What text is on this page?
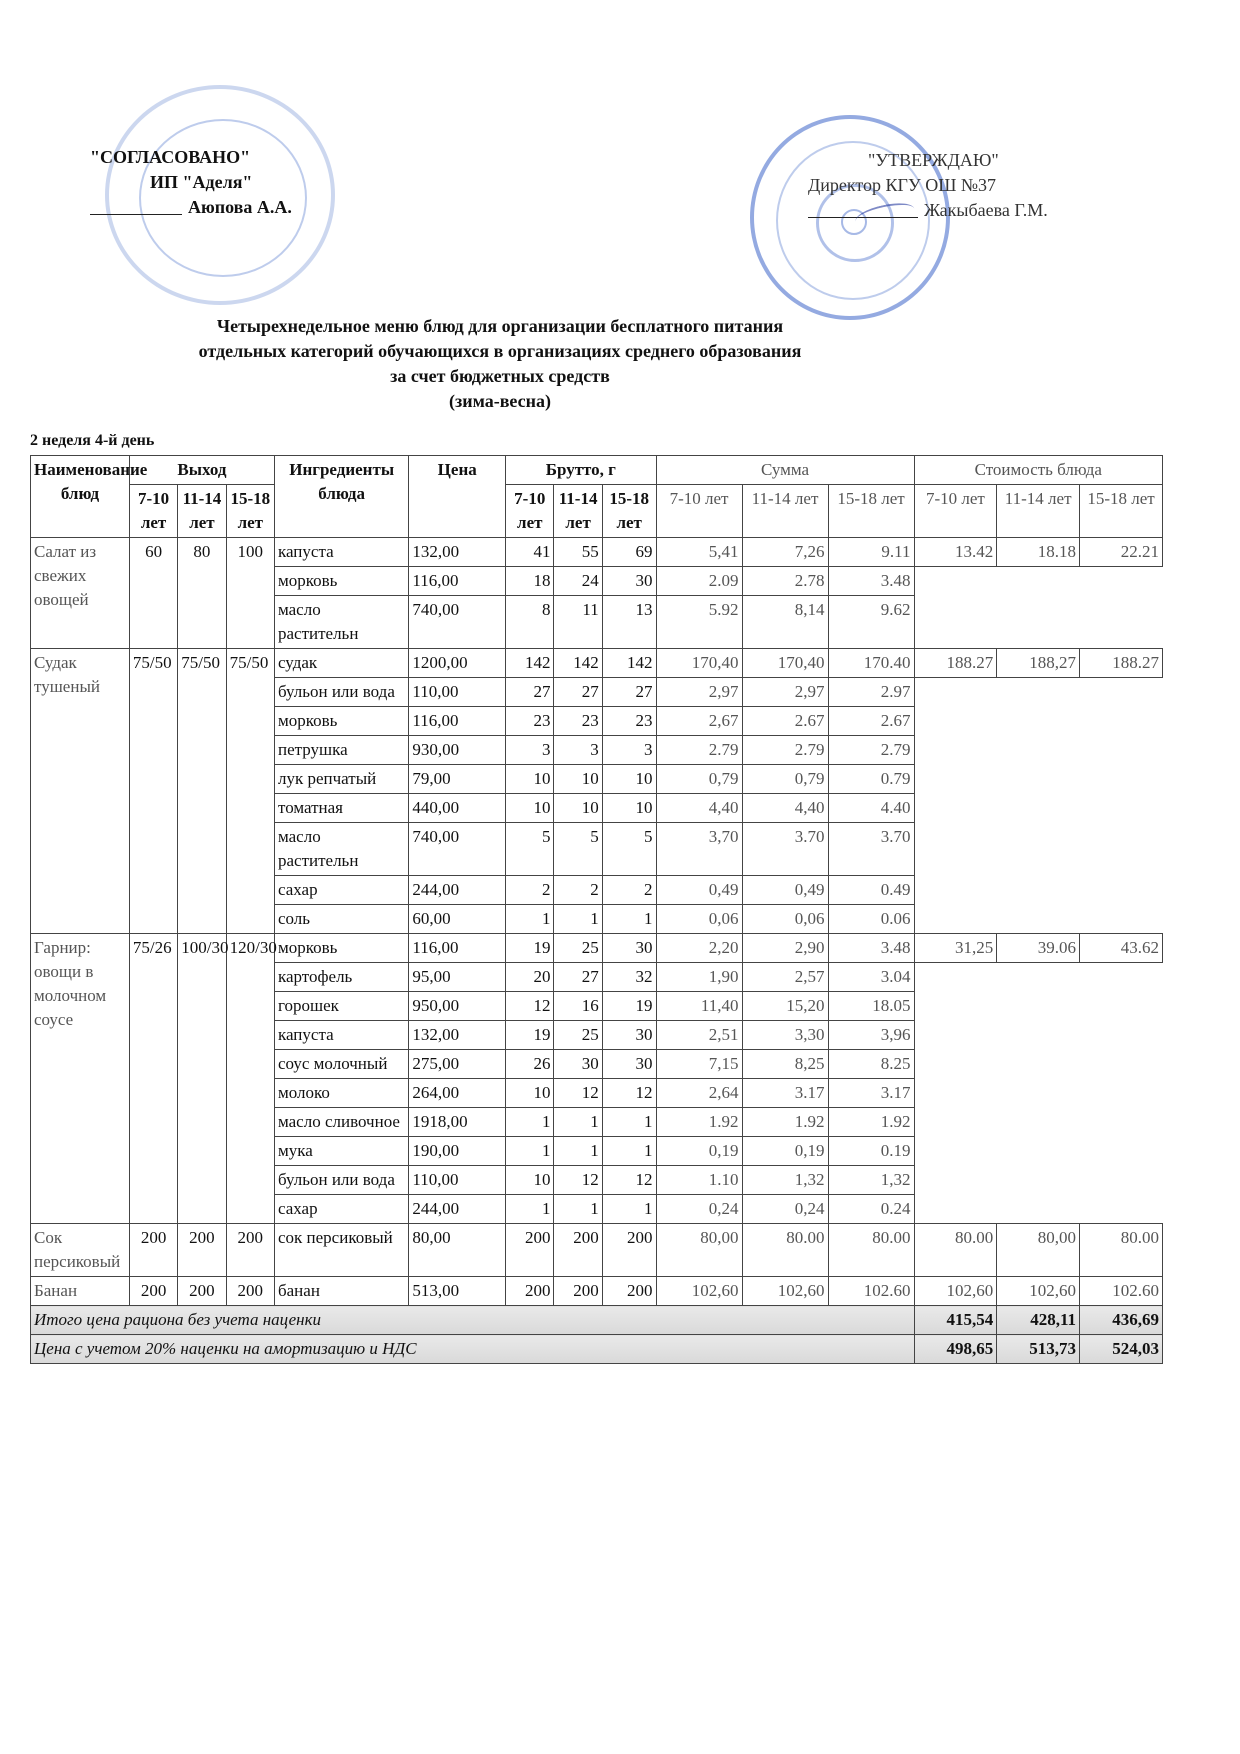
"СОГЛАСОВАНО"
ИП "Аделя"
Аюпова А.А.
"УТВЕРЖДАЮ"
Директор КГУ ОШ №37
Жакыбаева Г.М.
Четырехнедельное меню блюд для организации бесплатного питания
отдельных категорий обучающихся в организациях среднего образования
за счет бюджетных средств
(зима-весна)
2 неделя 4-й день
Наименование блюд	Выход			Ингредиенты блюда	Цена	Брутто, г			Сумма			Стоимость блюда		
	7-10 лет	11-14 лет	15-18 лет			7-10 лет	11-14 лет	15-18 лет	7-10 лет	11-14 лет	15-18 лет	7-10 лет	11-14 лет	15-18 лет
Салат из свежих овощей	60	80	100	капуста	132,00	41	55	69	5,41	7,26	9.11	13.42	18.18	22.21
				морковь	116,00	18	24	30	2.09	2.78	3.48			
				масло растительн	740,00	8	11	13	5.92	8,14	9.62			
Судак тушеный	75/50	75/50	75/50	судак	1200,00	142	142	142	170,40	170,40	170.40	188.27	188,27	188.27
				бульон или вода	110,00	27	27	27	2,97	2,97	2.97			
				морковь	116,00	23	23	23	2,67	2.67	2.67			
				петрушка	930,00	3	3	3	2.79	2.79	2.79			
				лук репчатый	79,00	10	10	10	0,79	0,79	0.79			
				томатная	440,00	10	10	10	4,40	4,40	4.40			
				масло растительн	740,00	5	5	5	3,70	3.70	3.70			
				сахар	244,00	2	2	2	0,49	0,49	0.49			
				соль	60,00	1	1	1	0,06	0,06	0.06			
Гарнир: овощи в молочном соусе	75/26	100/30	120/30	морковь	116,00	19	25	30	2,20	2,90	3.48	31,25	39.06	43.62
				картофель	95,00	20	27	32	1,90	2,57	3.04			
				горошек	950,00	12	16	19	11,40	15,20	18.05			
				капуста	132,00	19	25	30	2,51	3,30	3,96			
				соус молочный	275,00	26	30	30	7,15	8,25	8.25			
				молоко	264,00	10	12	12	2,64	3.17	3.17			
				масло сливочное	1918,00	1	1	1	1.92	1.92	1.92			
				мука	190,00	1	1	1	0,19	0,19	0.19			
				бульон или вода	110,00	10	12	12	1.10	1,32	1,32			
				сахар	244,00	1	1	1	0,24	0,24	0.24			
Сок персиковый	200	200	200	сок персиковый	80,00	200	200	200	80,00	80.00	80.00	80.00	80,00	80.00
Банан	200	200	200	банан	513,00	200	200	200	102,60	102,60	102.60	102,60	102,60	102.60
Итого цена рациона без учета наценки												415,54	428,11	436,69
Цена с учетом 20% наценки на амортизацию и НДС												498,65	513,73	524,03
